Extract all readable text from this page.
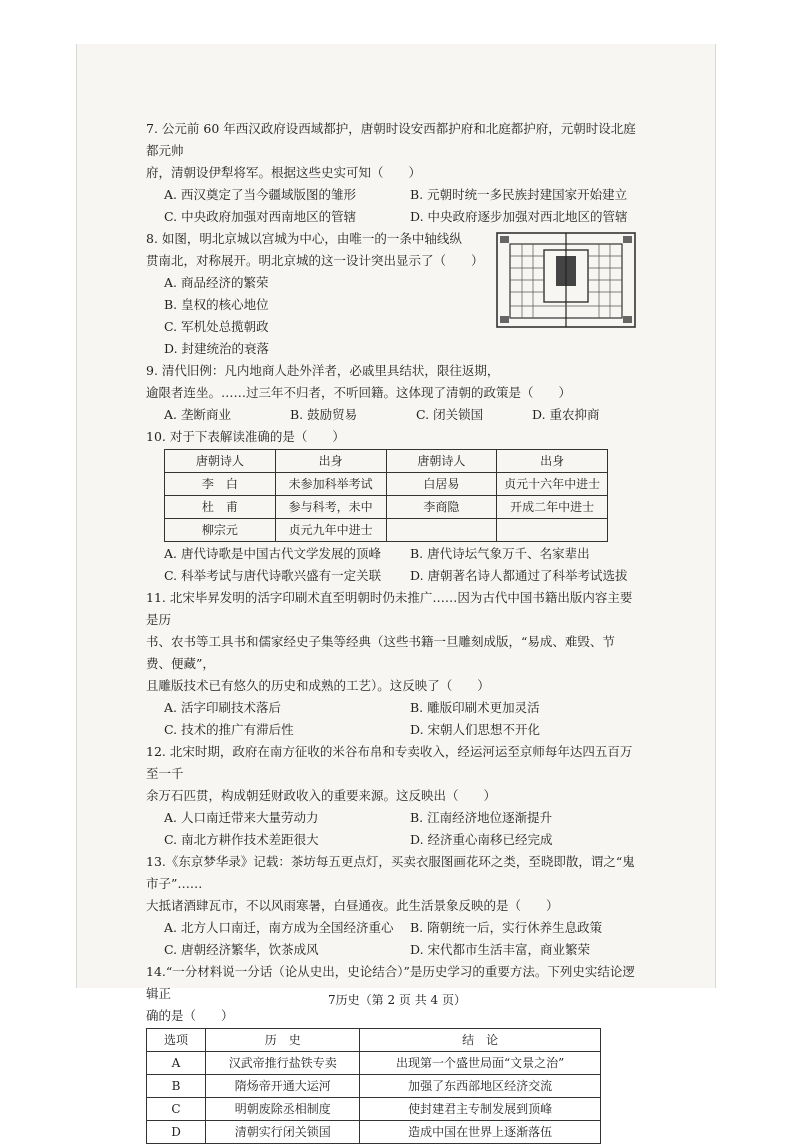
7. 公元前 60 年西汉政府设西域都护，唐朝时设安西都护府和北庭都护府，元朝时设北庭都元帅

府，清朝设伊犁将军。根据这些史实可知（　　）

A. 西汉奠定了当今疆域版图的雏形	B. 元朝时统一多民族封建国家开始建立
C. 中央政府加强对西南地区的管辖	D. 中央政府逐步加强对西北地区的管辖

8. 如图，明北京城以宫城为中心，由唯一的一条中轴线纵

贯南北，对称展开。明北京城的这一设计突出显示了（　　）

A. 商品经济的繁荣
B. 皇权的核心地位
C. 军机处总揽朝政
D. 封建统治的衰落

9. 清代旧例：凡内地商人赴外洋者，必戚里具结状，限往返期，

逾限者连坐。……过三年不归者，不听回籍。这体现了清朝的政策是（　　）

A. 垄断商业	B. 鼓励贸易	C. 闭关锁国	D. 重农抑商

10. 对于下表解读准确的是（　　）

唐朝诗人	出身	唐朝诗人	出身
李　白	未参加科举考试	白居易	贞元十六年中进士
杜　甫	参与科考，未中	李商隐	开成二年中进士
柳宗元	贞元九年中进士		
A. 唐代诗歌是中国古代文学发展的顶峰	B. 唐代诗坛气象万千、名家辈出
C. 科举考试与唐代诗歌兴盛有一定关联	D. 唐朝著名诗人都通过了科举考试选拔

11. 北宋毕昇发明的活字印刷术直至明朝时仍未推广……因为古代中国书籍出版内容主要是历

书、农书等工具书和儒家经史子集等经典（这些书籍一旦雕刻成版，“易成、难毁、节费、便藏”，

且雕版技术已有悠久的历史和成熟的工艺）。这反映了（　　）

A. 活字印刷技术落后	B. 雕版印刷术更加灵活
C. 技术的推广有滞后性	D. 宋朝人们思想不开化

12. 北宋时期，政府在南方征收的米谷布帛和专卖收入，经运河运至京师每年达四五百万至一千

余万石匹贯，构成朝廷财政收入的重要来源。这反映出（　　）

A. 人口南迁带来大量劳动力	B. 江南经济地位逐渐提升
C. 南北方耕作技术差距很大	D. 经济重心南移已经完成

13.《东京梦华录》记载：茶坊每五更点灯，买卖衣服图画花环之类，至晓即散，谓之“鬼市子”……

大抵诸酒肆瓦市，不以风雨寒暑，白昼通夜。此生活景象反映的是（　　）

A. 北方人口南迁，南方成为全国经济重心	B. 隋朝统一后，实行休养生息政策
C. 唐朝经济繁华，饮茶成风	D. 宋代都市生活丰富，商业繁荣

14.“一分材料说一分话（论从史出，史论结合）”是历史学习的重要方法。下列史实结论逻辑正

确的是（　　）

选项	历　史	结　论
A	汉武帝推行盐铁专卖	出现第一个盛世局面“文景之治”
B	隋炀帝开通大运河	加强了东西部地区经济交流
C	明朝废除丞相制度	使封建君主专制发展到顶峰
D	清朝实行闭关锁国	造成中国在世界上逐渐落伍
7历史（第 2 页 共 4 页）
